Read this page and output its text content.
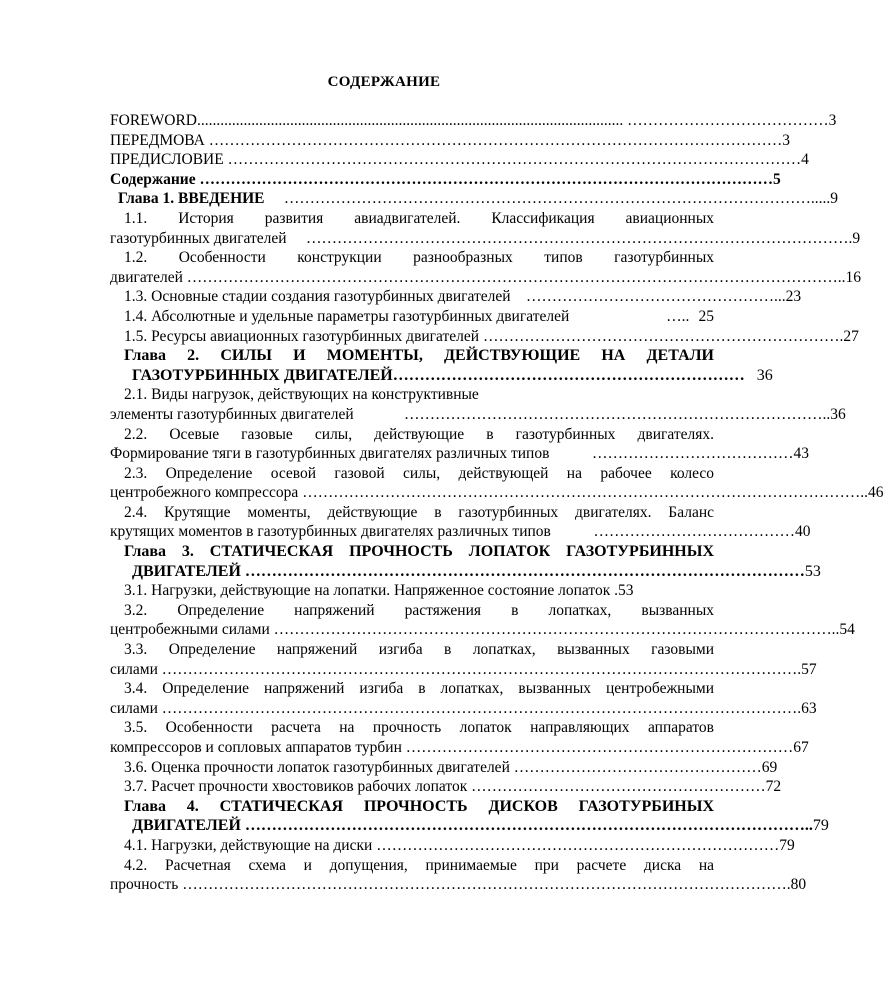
СОДЕРЖАНИЕ
FOREWORD .............................................................................................................. ………………………………… 3
ПЕРЕДМОВА ………………………………………………………………………………………………… 3
ПРЕДИСЛОВИЕ ………………………………………………………………………………………………… 4
Содержание ………………………………………………………………………………………………… 5
Глава 1. ВВЕДЕНИЕ …………………………………………………………………………………………..... 9
1.1. История развития авиадвигателей. Классификация авиационных
газотурбинных двигателей ……………………………………………………………………………………………. 9
1.2. Особенности конструкции разнообразных типов газотурбинных
двигателей ……………………………………………………………………………………………………………….. 16
1.3. Основные стадии создания газотурбинных двигателей …………………………………………... 23
1.4. Абсолютные и удельные параметры газотурбинных двигателей ….. 25
1.5. Ресурсы авиационных газотурбинных двигателей ……………………………………………………………. 27
Глава 2. СИЛЫ И МОМЕНТЫ, ДЕЙСТВУЮЩИЕ НА ДЕТАЛИ
ГАЗОТУРБИННЫХ ДВИГАТЕЛЕЙ ………………………………………………………… 36
2.1. Виды нагрузок, действующих на конструктивные
элементы газотурбинных двигателей ……………………………………………………………………….. 36
2.2. Осевые газовые силы, действующие в газотурбинных двигателях.
Формирование тяги в газотурбинных двигателях различных типов ………………………………… 43
2.3. Определение осевой газовой силы, действующей на рабочее колесо
центробежного компрессора ……………………………………………………………………………………………….. 46
2.4. Крутящие моменты, действующие в газотурбинных двигателях. Баланс
крутящих моментов в газотурбинных двигателях различных типов ………………………………… 40
Глава 3. СТАТИЧЕСКАЯ ПРОЧНОСТЬ ЛОПАТОК ГАЗОТУРБИННЫХ
ДВИГАТЕЛЕЙ …………………………………………………………………………………………… 53
3.1. Нагрузки, действующие на лопатки. Напряженное состояние лопаток .53
3.2. Определение напряжений растяжения в лопатках, вызванных
центробежными силами ……………………………………………………………………………………………….. 54
3.3. Определение напряжений изгиба в лопатках, вызванных газовыми
силами ……………………………………………………………………………………………………………. 57
3.4. Определение напряжений изгиба в лопатках, вызванных центробежными
силами ……………………………………………………………………………………………………………. 63
3.5. Особенности расчета на прочность лопаток направляющих аппаратов
компрессоров и сопловых аппаратов турбин ………………………………………………………………… 67
3.6. Оценка прочности лопаток газотурбинных двигателей ………………………………………… 69
3.7. Расчет прочности хвостовиков рабочих лопаток ………………………………………………… 72
Глава 4. СТАТИЧЕСКАЯ ПРОЧНОСТЬ ДИСКОВ ГАЗОТУРБИНЫХ
ДВИГАТЕЛЕЙ …………………………………………………………………………………………….. 79
4.1. Нагрузки, действующие на диски …………………………………………………………………… 79
4.2. Расчетная схема и допущения, принимаемые при расчете диска на
прочность ………………………………………………………………………………………………………. 80
